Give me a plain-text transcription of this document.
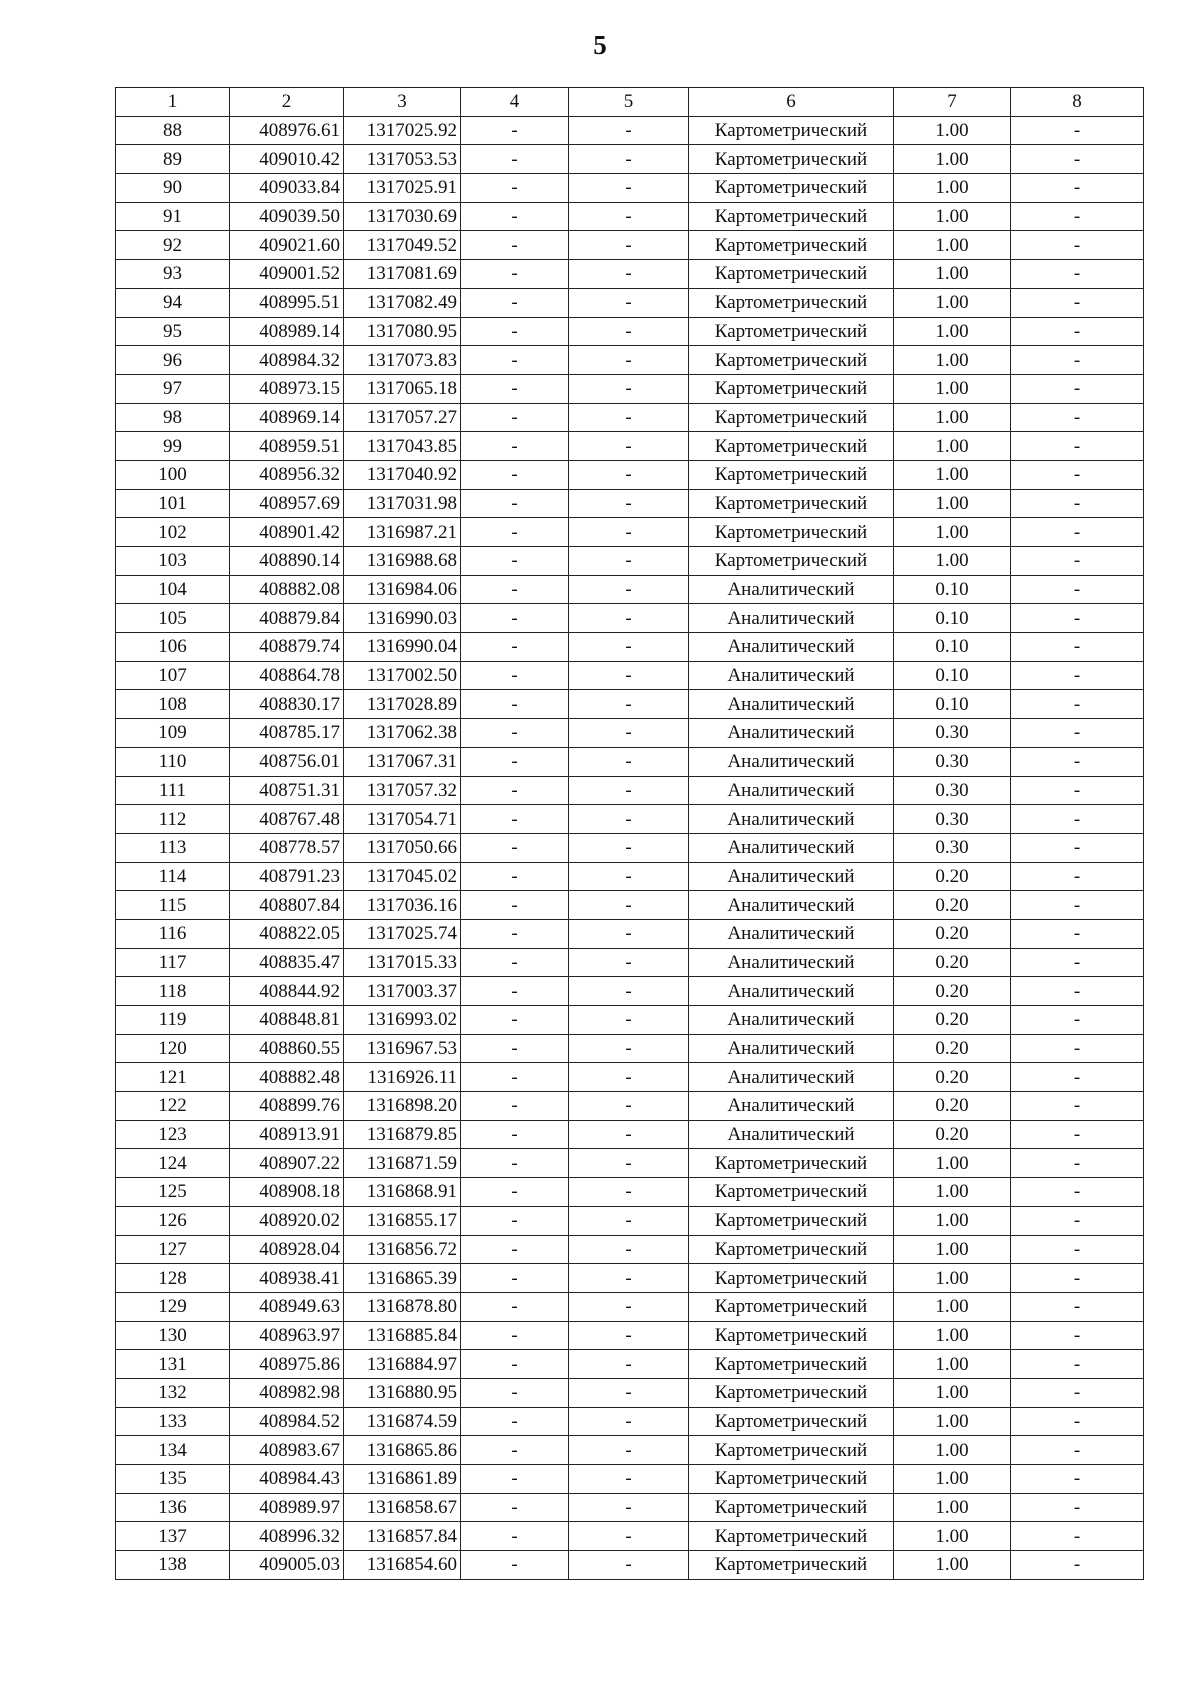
5
1	2	3	4	5	6	7	8
88	408976.61	1317025.92	-	-	Картометрический	1.00	-
89	409010.42	1317053.53	-	-	Картометрический	1.00	-
90	409033.84	1317025.91	-	-	Картометрический	1.00	-
91	409039.50	1317030.69	-	-	Картометрический	1.00	-
92	409021.60	1317049.52	-	-	Картометрический	1.00	-
93	409001.52	1317081.69	-	-	Картометрический	1.00	-
94	408995.51	1317082.49	-	-	Картометрический	1.00	-
95	408989.14	1317080.95	-	-	Картометрический	1.00	-
96	408984.32	1317073.83	-	-	Картометрический	1.00	-
97	408973.15	1317065.18	-	-	Картометрический	1.00	-
98	408969.14	1317057.27	-	-	Картометрический	1.00	-
99	408959.51	1317043.85	-	-	Картометрический	1.00	-
100	408956.32	1317040.92	-	-	Картометрический	1.00	-
101	408957.69	1317031.98	-	-	Картометрический	1.00	-
102	408901.42	1316987.21	-	-	Картометрический	1.00	-
103	408890.14	1316988.68	-	-	Картометрический	1.00	-
104	408882.08	1316984.06	-	-	Аналитический	0.10	-
105	408879.84	1316990.03	-	-	Аналитический	0.10	-
106	408879.74	1316990.04	-	-	Аналитический	0.10	-
107	408864.78	1317002.50	-	-	Аналитический	0.10	-
108	408830.17	1317028.89	-	-	Аналитический	0.10	-
109	408785.17	1317062.38	-	-	Аналитический	0.30	-
110	408756.01	1317067.31	-	-	Аналитический	0.30	-
111	408751.31	1317057.32	-	-	Аналитический	0.30	-
112	408767.48	1317054.71	-	-	Аналитический	0.30	-
113	408778.57	1317050.66	-	-	Аналитический	0.30	-
114	408791.23	1317045.02	-	-	Аналитический	0.20	-
115	408807.84	1317036.16	-	-	Аналитический	0.20	-
116	408822.05	1317025.74	-	-	Аналитический	0.20	-
117	408835.47	1317015.33	-	-	Аналитический	0.20	-
118	408844.92	1317003.37	-	-	Аналитический	0.20	-
119	408848.81	1316993.02	-	-	Аналитический	0.20	-
120	408860.55	1316967.53	-	-	Аналитический	0.20	-
121	408882.48	1316926.11	-	-	Аналитический	0.20	-
122	408899.76	1316898.20	-	-	Аналитический	0.20	-
123	408913.91	1316879.85	-	-	Аналитический	0.20	-
124	408907.22	1316871.59	-	-	Картометрический	1.00	-
125	408908.18	1316868.91	-	-	Картометрический	1.00	-
126	408920.02	1316855.17	-	-	Картометрический	1.00	-
127	408928.04	1316856.72	-	-	Картометрический	1.00	-
128	408938.41	1316865.39	-	-	Картометрический	1.00	-
129	408949.63	1316878.80	-	-	Картометрический	1.00	-
130	408963.97	1316885.84	-	-	Картометрический	1.00	-
131	408975.86	1316884.97	-	-	Картометрический	1.00	-
132	408982.98	1316880.95	-	-	Картометрический	1.00	-
133	408984.52	1316874.59	-	-	Картометрический	1.00	-
134	408983.67	1316865.86	-	-	Картометрический	1.00	-
135	408984.43	1316861.89	-	-	Картометрический	1.00	-
136	408989.97	1316858.67	-	-	Картометрический	1.00	-
137	408996.32	1316857.84	-	-	Картометрический	1.00	-
138	409005.03	1316854.60	-	-	Картометрический	1.00	-
